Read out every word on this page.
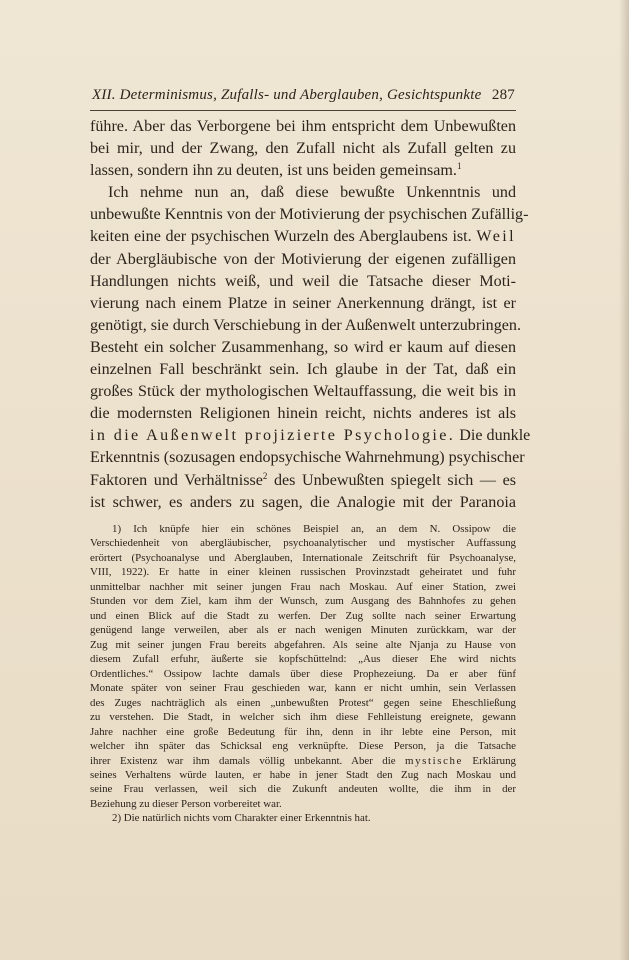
XII. Determinismus, Zufalls- und Aberglauben, Gesichtspunkte 287
führe. Aber das Verborgene bei ihm entspricht dem Unbewußten
bei mir, und der Zwang, den Zufall nicht als Zufall gelten zu
lassen, sondern ihn zu deuten, ist uns beiden gemeinsam.$^1$
Ich nehme nun an, daß diese bewußte Unkenntnis und
unbewußte Kenntnis von der Motivierung der psychischen Zufällig-
keiten eine der psychischen Wurzeln des Aberglaubens ist. Weil
der Abergläubische von der Motivierung der eigenen zufälligen
Handlungen nichts weiß, und weil die Tatsache dieser Moti-
vierung nach einem Platze in seiner Anerkennung drängt, ist er
genötigt, sie durch Verschiebung in der Außenwelt unterzubringen.
Besteht ein solcher Zusammenhang, so wird er kaum auf diesen
einzelnen Fall beschränkt sein. Ich glaube in der Tat, daß ein
großes Stück der mythologischen Weltauffassung, die weit bis in
die modernsten Religionen hinein reicht, nichts anderes ist als
in die Außenwelt projizierte Psychologie. Die dunkle
Erkenntnis (sozusagen endopsychische Wahrnehmung) psychischer
Faktoren und Verhältnisse$^2$ des Unbewußten spiegelt sich — es
ist schwer, es anders zu sagen, die Analogie mit der Paranoia
1) Ich knüpfe hier ein schönes Beispiel an, an dem N. Ossipow die
Verschiedenheit von abergläubischer, psychoanalytischer und mystischer Auffassung
erörtert (Psychoanalyse und Aberglauben, Internationale Zeitschrift für Psychoanalyse,
VIII, 1922). Er hatte in einer kleinen russischen Provinzstadt geheiratet und fuhr
unmittelbar nachher mit seiner jungen Frau nach Moskau. Auf einer Station, zwei
Stunden vor dem Ziel, kam ihm der Wunsch, zum Ausgang des Bahnhofes zu gehen
und einen Blick auf die Stadt zu werfen. Der Zug sollte nach seiner Erwartung
genügend lange verweilen, aber als er nach wenigen Minuten zurückkam, war der
Zug mit seiner jungen Frau bereits abgefahren. Als seine alte Njanja zu Hause von
diesem Zufall erfuhr, äußerte sie kopfschüttelnd: „Aus dieser Ehe wird nichts
Ordentliches.“ Ossipow lachte damals über diese Prophezeiung. Da er aber fünf
Monate später von seiner Frau geschieden war, kann er nicht umhin, sein Verlassen
des Zuges nachträglich als einen „unbewußten Protest“ gegen seine Eheschließung
zu verstehen. Die Stadt, in welcher sich ihm diese Fehlleistung ereignete, gewann
Jahre nachher eine große Bedeutung für ihn, denn in ihr lebte eine Person, mit
welcher ihn später das Schicksal eng verknüpfte. Diese Person, ja die Tatsache
ihrer Existenz war ihm damals völlig unbekannt. Aber die mystische Erklärung
seines Verhaltens würde lauten, er habe in jener Stadt den Zug nach Moskau und
seine Frau verlassen, weil sich die Zukunft andeuten wollte, die ihm in der
Beziehung zu dieser Person vorbereitet war.
2) Die natürlich nichts vom Charakter einer Erkenntnis hat.
